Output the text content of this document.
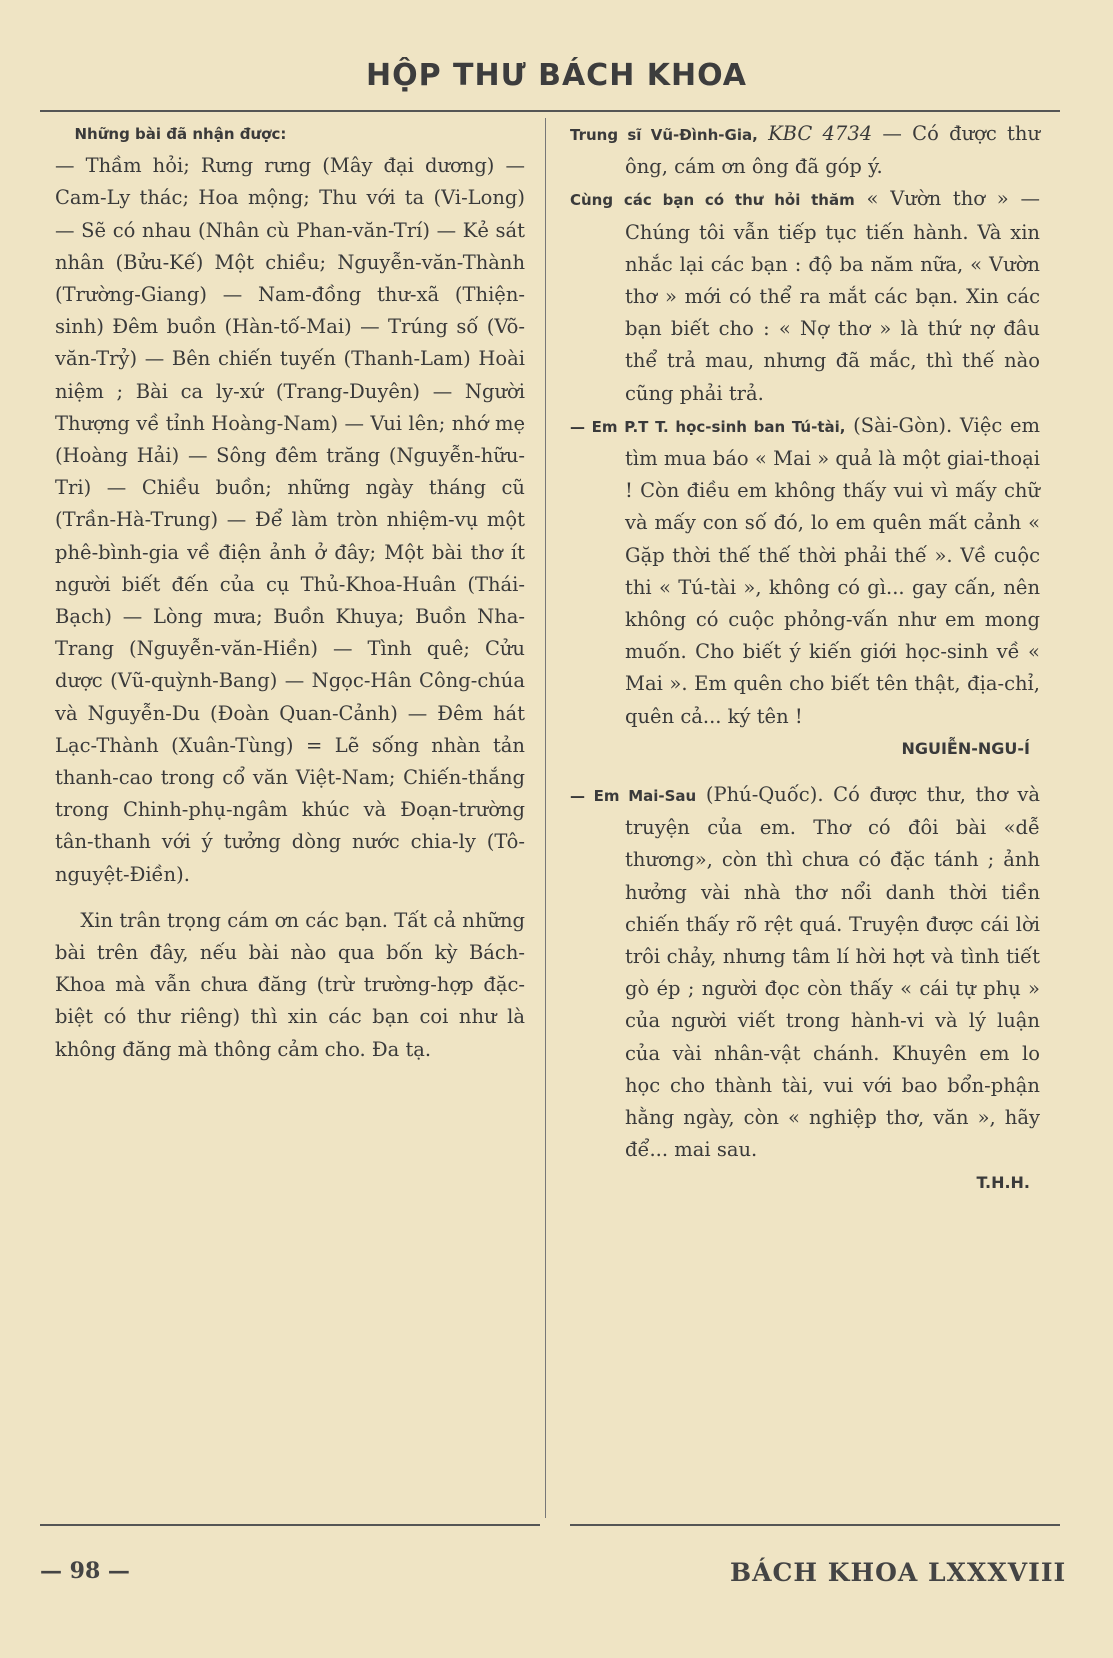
HỘP THƯ BÁCH KHOA

Những bài đã nhận được:

— Thầm hỏi; Rưng rưng (Mây đại dương) — Cam-Ly thác; Hoa mộng; Thu với ta (Vi-Long) — Sẽ có nhau (Nhân cù Phan-văn-Trí) — Kẻ sát nhân (Bửu-Kế) Một chiều; Nguyễn-văn-Thành (Trường-Giang) — Nam-đồng thư-xã (Thiện-sinh) Đêm buồn (Hàn-tố-Mai) — Trúng số (Võ-văn-Trỷ) — Bên chiến tuyến (Thanh-Lam) Hoài niệm ; Bài ca ly-xứ (Trang-Duyên) — Người Thượng về tỉnh Hoàng-Nam) — Vui lên; nhớ mẹ (Hoàng Hải) — Sông đêm trăng (Nguyễn-hữu-Tri) — Chiều buồn; những ngày tháng cũ (Trần-Hà-Trung) — Để làm tròn nhiệm-vụ một phê-bình-gia về điện ảnh ở đây; Một bài thơ ít người biết đến của cụ Thủ-Khoa-Huân (Thái-Bạch) — Lòng mưa; Buồn Khuya; Buồn Nha-Trang (Nguyễn-văn-Hiền) — Tình quê; Cửu dược (Vũ-quỳnh-Bang) — Ngọc-Hân Công-chúa và Nguyễn-Du (Đoàn Quan-Cảnh) — Đêm hát Lạc-Thành (Xuân-Tùng) = Lẽ sống nhàn tản thanh-cao trong cổ văn Việt-Nam; Chiến-thắng trong Chinh-phụ-ngâm khúc và Đoạn-trường tân-thanh với ý tưởng dòng nước chia-ly (Tô-nguyệt-Điền).

Xin trân trọng cám ơn các bạn. Tất cả những bài trên đây, nếu bài nào qua bốn kỳ Bách-Khoa mà vẫn chưa đăng (trừ trường-hợp đặc-biệt có thư riêng) thì xin các bạn coi như là không đăng mà thông cảm cho. Đa tạ.

Trung sĩ Vũ-Đình-Gia, KBC 4734 — Có được thư ông, cám ơn ông đã góp ý.

Cùng các bạn có thư hỏi thăm « Vườn thơ » — Chúng tôi vẫn tiếp tục tiến hành. Và xin nhắc lại các bạn : độ ba năm nữa, « Vườn thơ » mới có thể ra mắt các bạn. Xin các bạn biết cho : « Nợ thơ » là thứ nợ đâu thể trả mau, nhưng đã mắc, thì thế nào cũng phải trả.

— Em P.T T. học-sinh ban Tú-tài, (Sài-Gòn). Việc em tìm mua báo « Mai » quả là một giai-thoại ! Còn điều em không thấy vui vì mấy chữ và mấy con số đó, lo em quên mất cảnh « Gặp thời thế thế thời phải thế ». Về cuộc thi « Tú-tài », không có gì... gay cấn, nên không có cuộc phỏng-vấn như em mong muốn. Cho biết ý kiến giới học-sinh về « Mai ». Em quên cho biết tên thật, địa-chỉ, quên cả... ký tên !

NGUIỄN-NGU-Í

— Em Mai-Sau (Phú-Quốc). Có được thư, thơ và truyện của em. Thơ có đôi bài «dễ thương», còn thì chưa có đặc tánh ; ảnh hưởng vài nhà thơ nổi danh thời tiền chiến thấy rõ rệt quá. Truyện được cái lời trôi chảy, nhưng tâm lí hời hợt và tình tiết gò ép ; người đọc còn thấy « cái tự phụ » của người viết trong hành-vi và lý luận của vài nhân-vật chánh. Khuyên em lo học cho thành tài, vui với bao bổn-phận hằng ngày, còn « nghiệp thơ, văn », hãy để... mai sau.

T.H.H.
— 98 —	BÁCH KHOA LXXXVIII
